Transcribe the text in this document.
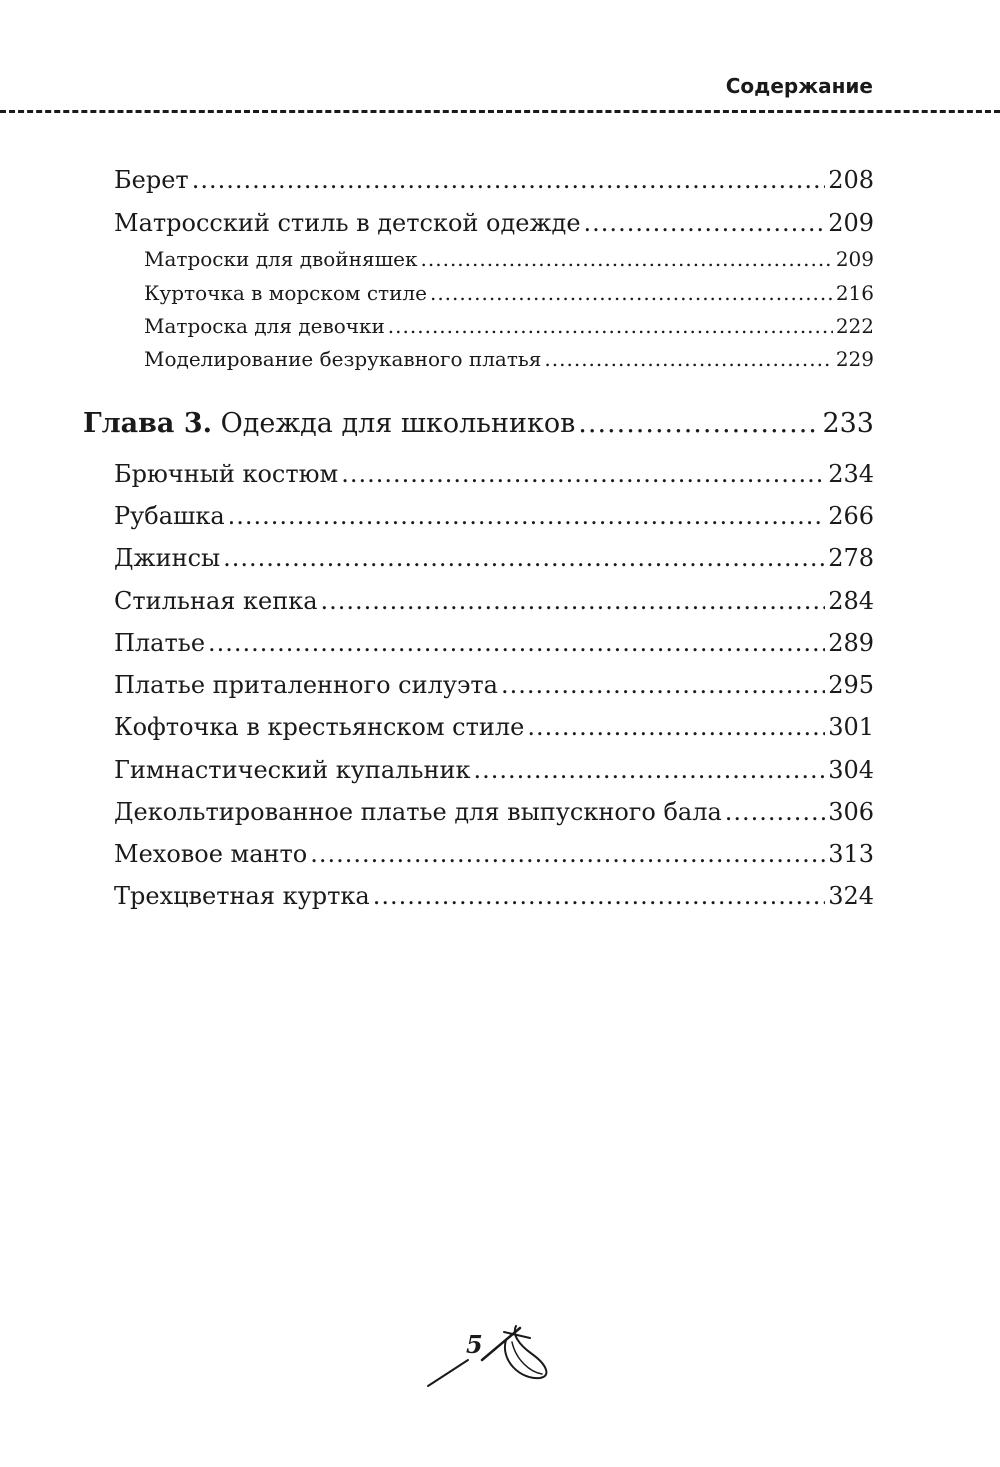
Содержание
Берет .....	208
Матросский стиль в детской одежде .....	209
Матроски для двойняшек .....	209
Курточка в морском стиле .....	216
Матроска для девочки .....	222
Моделирование безрукавного платья .....	229
Глава 3. Одежда для школьников .....	233
Брючный костюм .....	234
Рубашка .....	266
Джинсы .....	278
Стильная кепка .....	284
Платье .....	289
Платье приталенного силуэта .....	295
Кофточка в крестьянском стиле .....	301
Гимнастический купальник .....	304
Декольтированное платье для выпускного бала .....	306
Меховое манто .....	313
Трехцветная куртка .....	324
5
